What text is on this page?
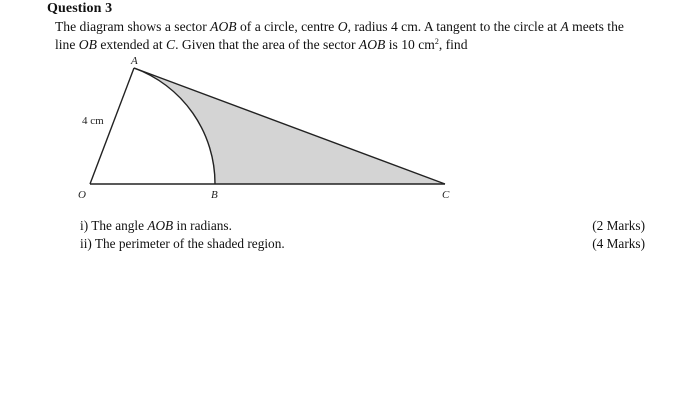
Question 3
The diagram shows a sector AOB of a circle, centre O, radius 4 cm. A tangent to the circle at A meets the
line OB extended at C. Given that the area of the sector AOB is 10 $cm^2$, find
A
O	B	C
4 cm
i) The angle AOB in radians.	(2 Marks)
ii) The perimeter of the shaded region.	(4 Marks)
